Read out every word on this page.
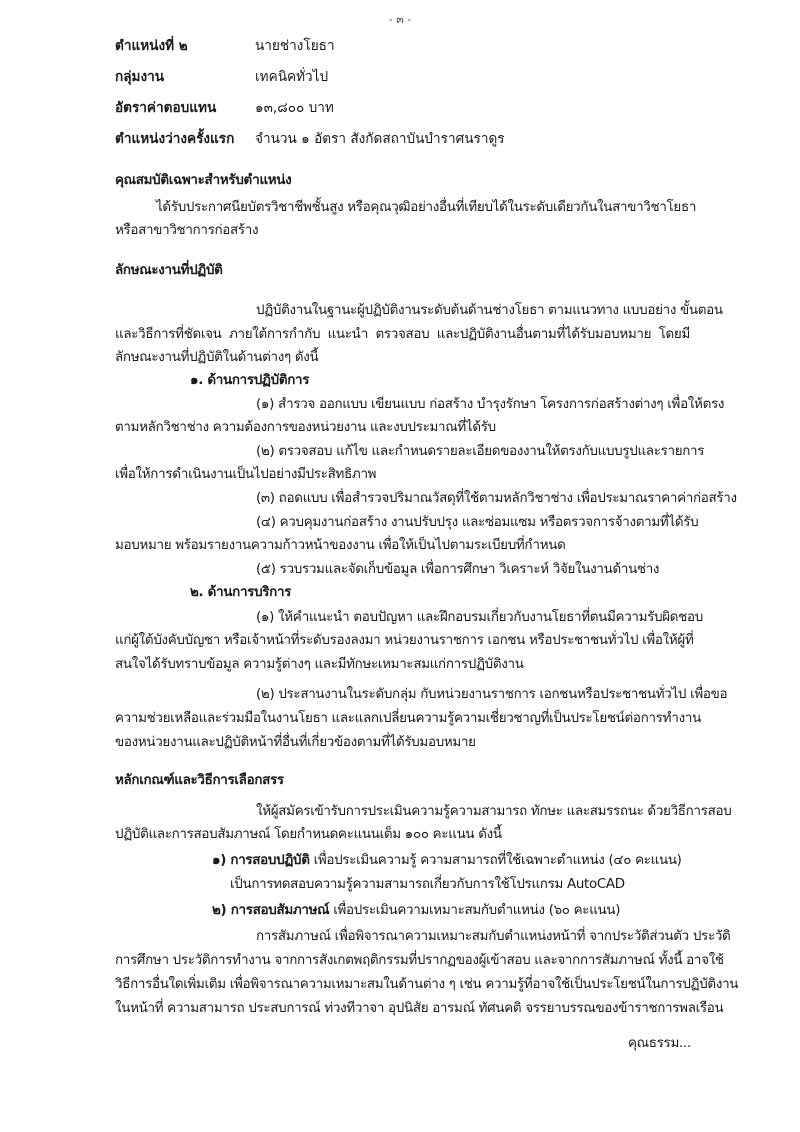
- ๓ -
ตำแหน่งที่ ๒	นายช่างโยธา
กลุ่มงาน	เทคนิคทั่วไป
อัตราค่าตอบแทน	๑๓,๘๐๐ บาท
ตำแหน่งว่างครั้งแรก จำนวน ๑ อัตรา สังกัดสถาบันบำราศนราดูร
คุณสมบัติเฉพาะสำหรับตำแหน่ง
ได้รับประกาศนียบัตรวิชาชีพชั้นสูง หรือคุณวุฒิอย่างอื่นที่เทียบได้ในระดับเดียวกันในสาขาวิชาโยธา
หรือสาขาวิชาการก่อสร้าง
ลักษณะงานที่ปฏิบัติ
ปฏิบัติงานในฐานะผู้ปฏิบัติงานระดับต้นด้านช่างโยธา ตามแนวทาง แบบอย่าง ขั้นตอน
และวิธีการที่ชัดเจน ภายใต้การกำกับ แนะนำ ตรวจสอบ และปฏิบัติงานอื่นตามที่ได้รับมอบหมาย โดยมี
ลักษณะงานที่ปฏิบัติในด้านต่างๆ ดังนี้
๑. ด้านการปฏิบัติการ
(๑) สำรวจ ออกแบบ เขียนแบบ ก่อสร้าง บำรุงรักษา โครงการก่อสร้างต่างๆ เพื่อให้ตรง
ตามหลักวิชาช่าง ความต้องการของหน่วยงาน และงบประมาณที่ได้รับ
(๒) ตรวจสอบ แก้ไข และกำหนดรายละเอียดของงานให้ตรงกับแบบรูปและรายการ
เพื่อให้การดำเนินงานเป็นไปอย่างมีประสิทธิภาพ
(๓) ถอดแบบ เพื่อสำรวจปริมาณวัสดุที่ใช้ตามหลักวิชาช่าง เพื่อประมาณราคาค่าก่อสร้าง
(๔) ควบคุมงานก่อสร้าง งานปรับปรุง และซ่อมแซม หรือตรวจการจ้างตามที่ได้รับ
มอบหมาย พร้อมรายงานความก้าวหน้าของงาน เพื่อให้เป็นไปตามระเบียบที่กำหนด
(๕) รวบรวมและจัดเก็บข้อมูล เพื่อการศึกษา วิเคราะห์ วิจัยในงานด้านช่าง
๒. ด้านการบริการ
(๑) ให้คำแนะนำ ตอบปัญหา และฝึกอบรมเกี่ยวกับงานโยธาที่ตนมีความรับผิดชอบ
แก่ผู้ใต้บังคับบัญชา หรือเจ้าหน้าที่ระดับรองลงมา หน่วยงานราชการ เอกชน หรือประชาชนทั่วไป เพื่อให้ผู้ที่
สนใจได้รับทราบข้อมูล ความรู้ต่างๆ และมีทักษะเหมาะสมแก่การปฏิบัติงาน
(๒) ประสานงานในระดับกลุ่ม กับหน่วยงานราชการ เอกชนหรือประชาชนทั่วไป เพื่อขอ
ความช่วยเหลือและร่วมมือในงานโยธา และแลกเปลี่ยนความรู้ความเชี่ยวชาญที่เป็นประโยชน์ต่อการทำงาน
ของหน่วยงานและปฏิบัติหน้าที่อื่นที่เกี่ยวข้องตามที่ได้รับมอบหมาย
หลักเกณฑ์และวิธีการเลือกสรร
ให้ผู้สมัครเข้ารับการประเมินความรู้ความสามารถ ทักษะ และสมรรถนะ ด้วยวิธีการสอบ
ปฏิบัติและการสอบสัมภาษณ์ โดยกำหนดคะแนนเต็ม ๑๐๐ คะแนน ดังนี้
๑) การสอบปฏิบัติ เพื่อประเมินความรู้ ความสามารถที่ใช้เฉพาะตำแหน่ง (๔๐ คะแนน)
เป็นการทดสอบความรู้ความสามารถเกี่ยวกับการใช้โปรแกรม AutoCAD
๒) การสอบสัมภาษณ์ เพื่อประเมินความเหมาะสมกับตำแหน่ง (๖๐ คะแนน)
การสัมภาษณ์ เพื่อพิจารณาความเหมาะสมกับตำแหน่งหน้าที่ จากประวัติส่วนตัว ประวัติ
การศึกษา ประวัติการทำงาน จากการสังเกตพฤติกรรมที่ปรากฏของผู้เข้าสอบ และจากการสัมภาษณ์ ทั้งนี้ อาจใช้
วิธีการอื่นใดเพิ่มเติม เพื่อพิจารณาความเหมาะสมในด้านต่าง ๆ เช่น ความรู้ที่อาจใช้เป็นประโยชน์ในการปฏิบัติงาน
ในหน้าที่ ความสามารถ ประสบการณ์ ท่วงทีวาจา อุปนิสัย อารมณ์ ทัศนคติ จรรยาบรรณของข้าราชการพลเรือน
คุณธรรม...
